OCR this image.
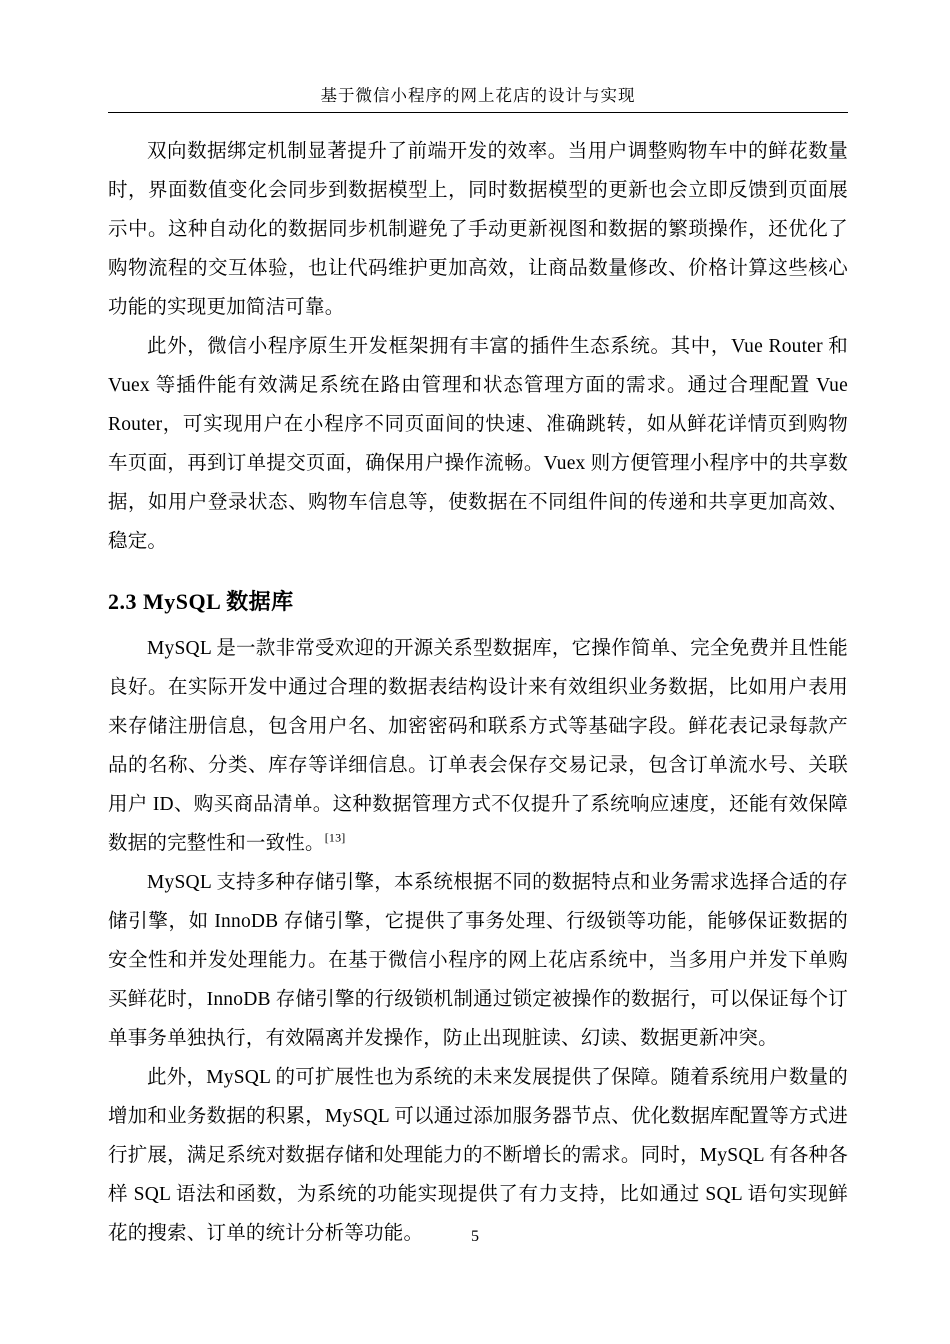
基于微信小程序的网上花店的设计与实现

双向数据绑定机制显著提升了前端开发的效率。当用户调整购物车中的鲜花数量时，界面数值变化会同步到数据模型上，同时数据模型的更新也会立即反馈到页面展示中。这种自动化的数据同步机制避免了手动更新视图和数据的繁琐操作，还优化了购物流程的交互体验，也让代码维护更加高效，让商品数量修改、价格计算这些核心功能的实现更加简洁可靠。

此外，微信小程序原生开发框架拥有丰富的插件生态系统。其中，Vue Router 和 Vuex 等插件能有效满足系统在路由管理和状态管理方面的需求。通过合理配置 Vue Router，可实现用户在小程序不同页面间的快速、准确跳转，如从鲜花详情页到购物车页面，再到订单提交页面，确保用户操作流畅。Vuex 则方便管理小程序中的共享数据，如用户登录状态、购物车信息等，使数据在不同组件间的传递和共享更加高效、稳定。

2.3 MySQL 数据库

MySQL 是一款非常受欢迎的开源关系型数据库，它操作简单、完全免费并且性能良好。在实际开发中通过合理的数据表结构设计来有效组织业务数据，比如用户表用来存储注册信息，包含用户名、加密密码和联系方式等基础字段。鲜花表记录每款产品的名称、分类、库存等详细信息。订单表会保存交易记录，包含订单流水号、关联用户 ID、购买商品清单。这种数据管理方式不仅提升了系统响应速度，还能有效保障数据的完整性和一致性。[13]

MySQL 支持多种存储引擎，本系统根据不同的数据特点和业务需求选择合适的存储引擎，如 InnoDB 存储引擎，它提供了事务处理、行级锁等功能，能够保证数据的安全性和并发处理能力。在基于微信小程序的网上花店系统中，当多用户并发下单购买鲜花时，InnoDB 存储引擎的行级锁机制通过锁定被操作的数据行，可以保证每个订单事务单独执行，有效隔离并发操作，防止出现脏读、幻读、数据更新冲突。

此外，MySQL 的可扩展性也为系统的未来发展提供了保障。随着系统用户数量的增加和业务数据的积累，MySQL 可以通过添加服务器节点、优化数据库配置等方式进行扩展，满足系统对数据存储和处理能力的不断增长的需求。同时，MySQL 有各种各样 SQL 语法和函数，为系统的功能实现提供了有力支持，比如通过 SQL 语句实现鲜花的搜索、订单的统计分析等功能。	5
